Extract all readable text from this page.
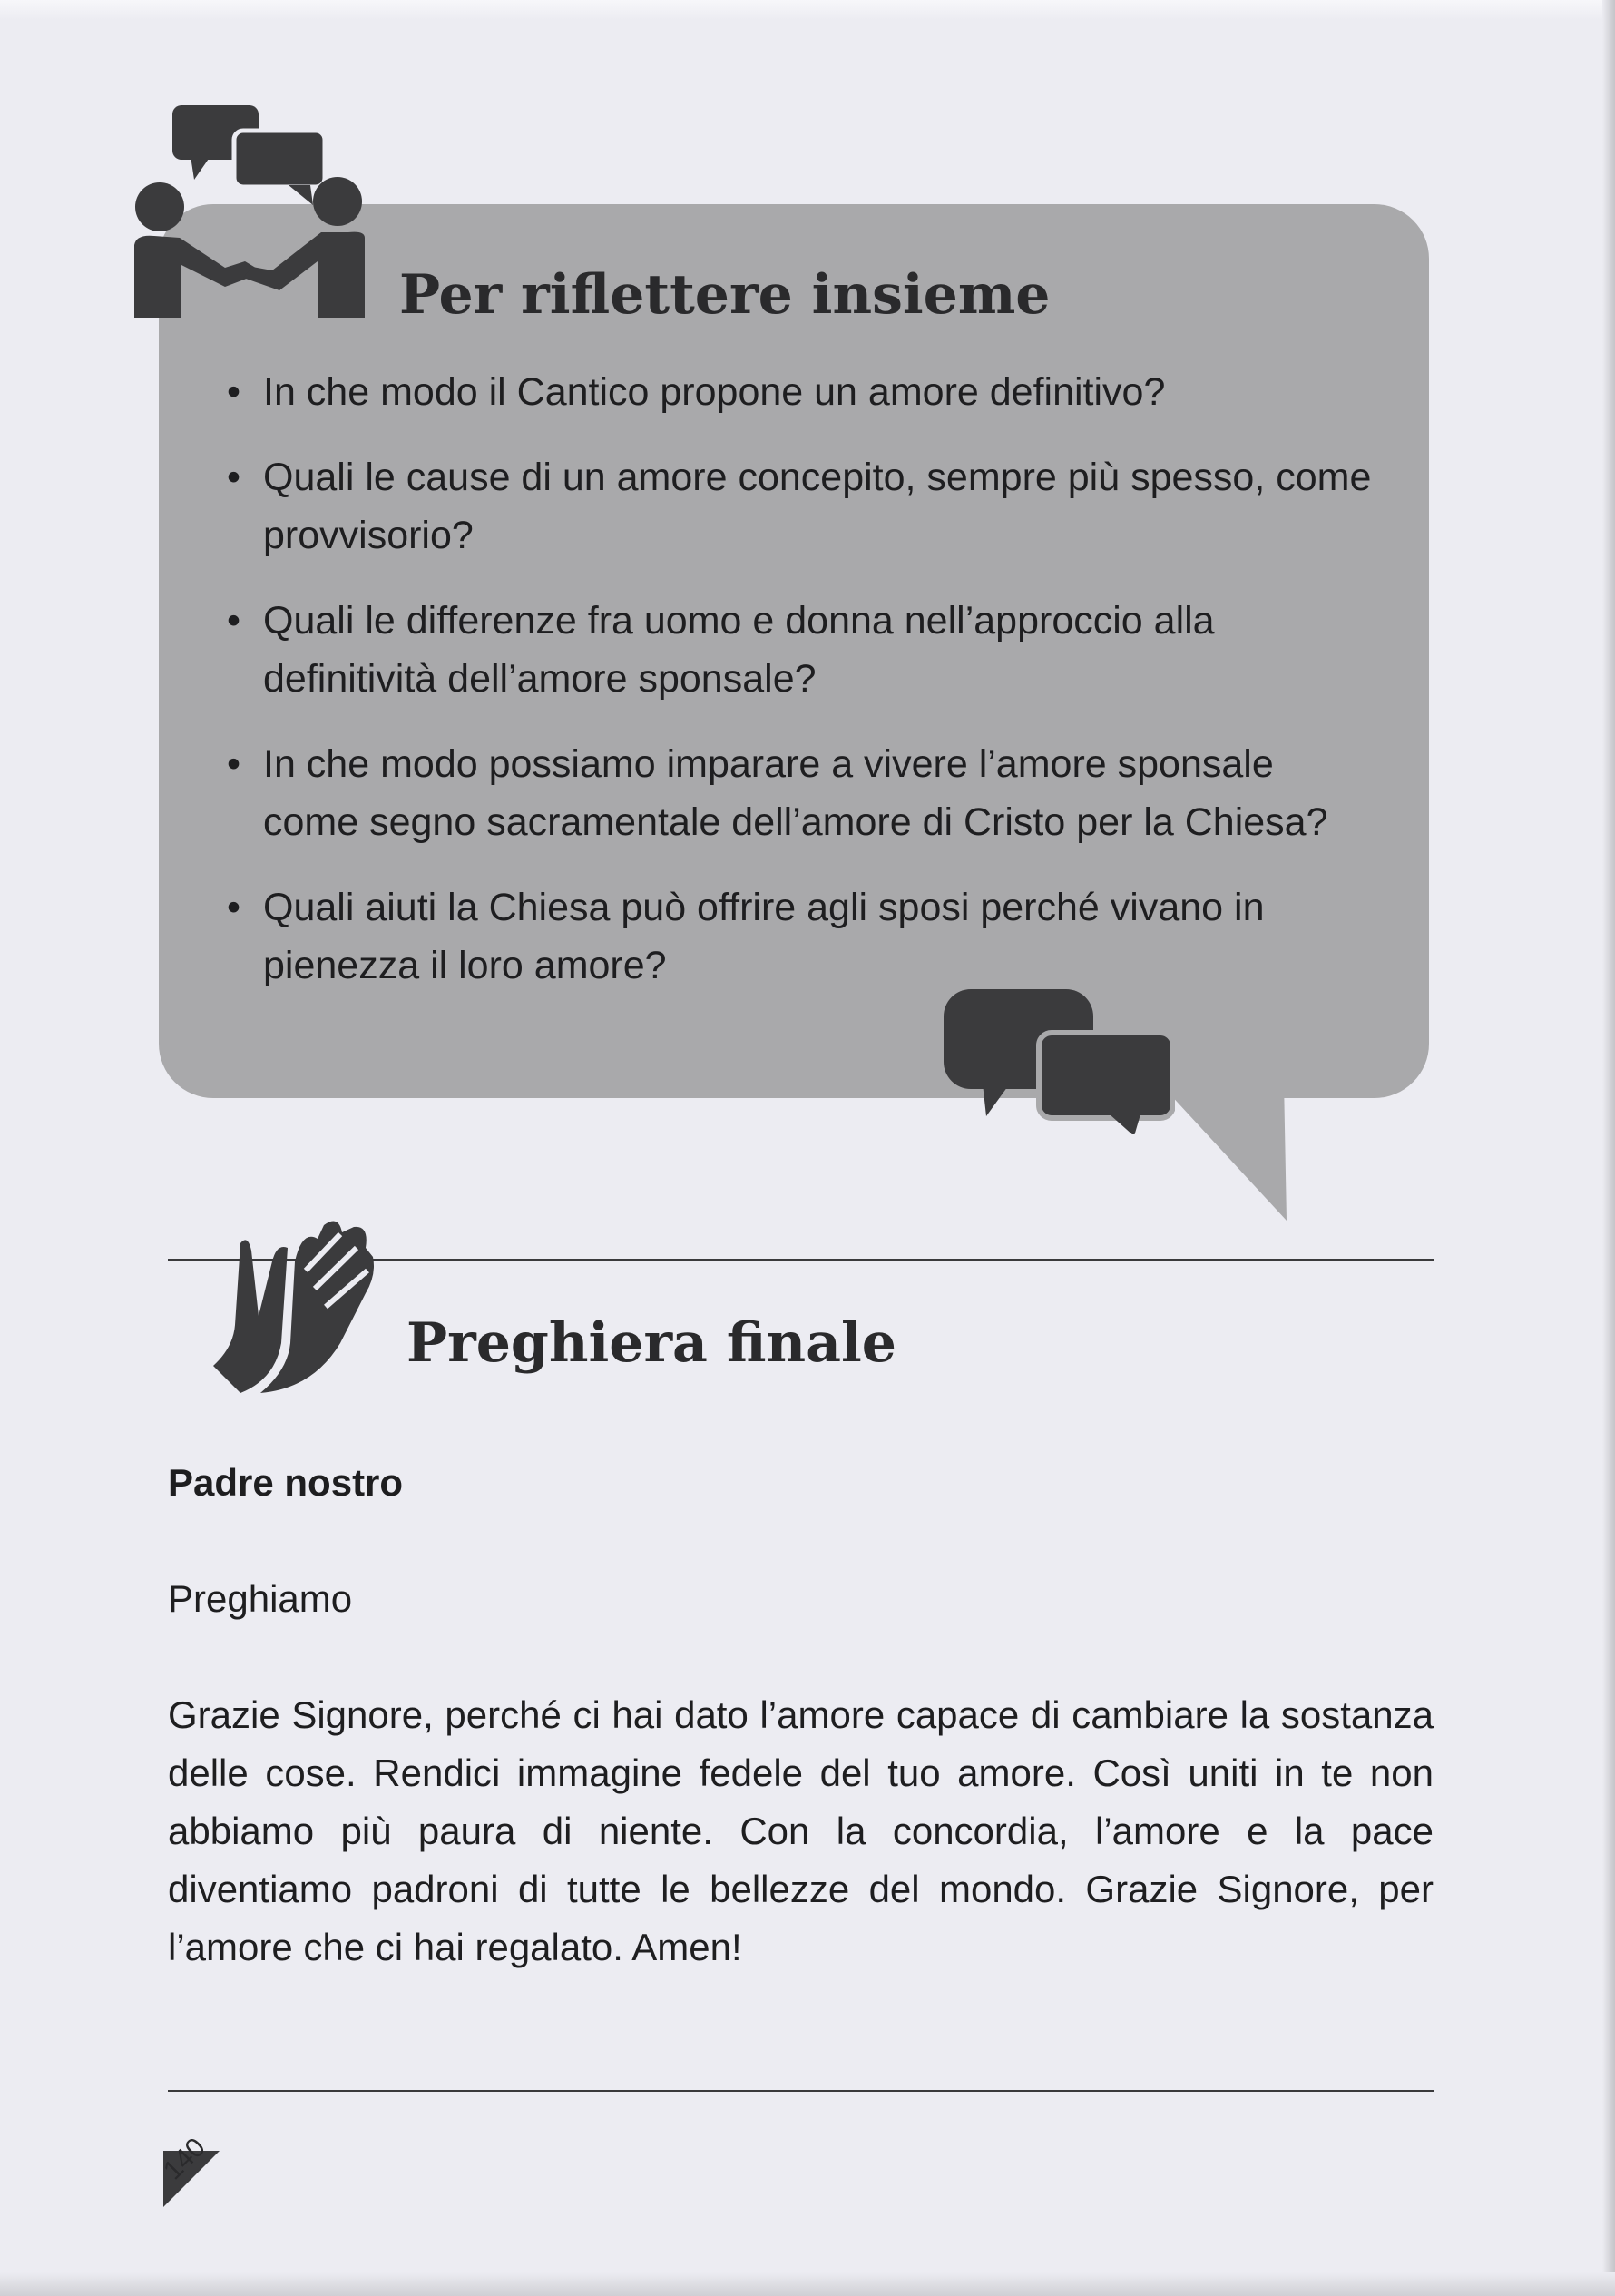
Per riflettere insieme
• In che modo il Cantico propone un amore definitivo?
• Quali le cause di un amore concepito, sempre più spesso, come provvisorio?
• Quali le differenze fra uomo e donna nell’approccio alla definitività dell’amore sponsale?
• In che modo possiamo imparare a vivere l’amore sponsale come segno sacramentale dell’amore di Cristo per la Chiesa?
• Quali aiuti la Chiesa può offrire agli sposi perché vivano in pienezza il loro amore?
Preghiera finale
Padre nostro
Preghiamo

Grazie Signore, perché ci hai dato l’amore capace di cambiare la sostanza delle cose. Rendici immagine fedele del tuo amore. Così uniti in te non abbiamo più paura di niente. Con la concordia, l’amore e la pace diventiamo padroni di tutte le bellezze del mondo. Grazie Signore, per l’amore che ci hai regalato. Amen!

140
